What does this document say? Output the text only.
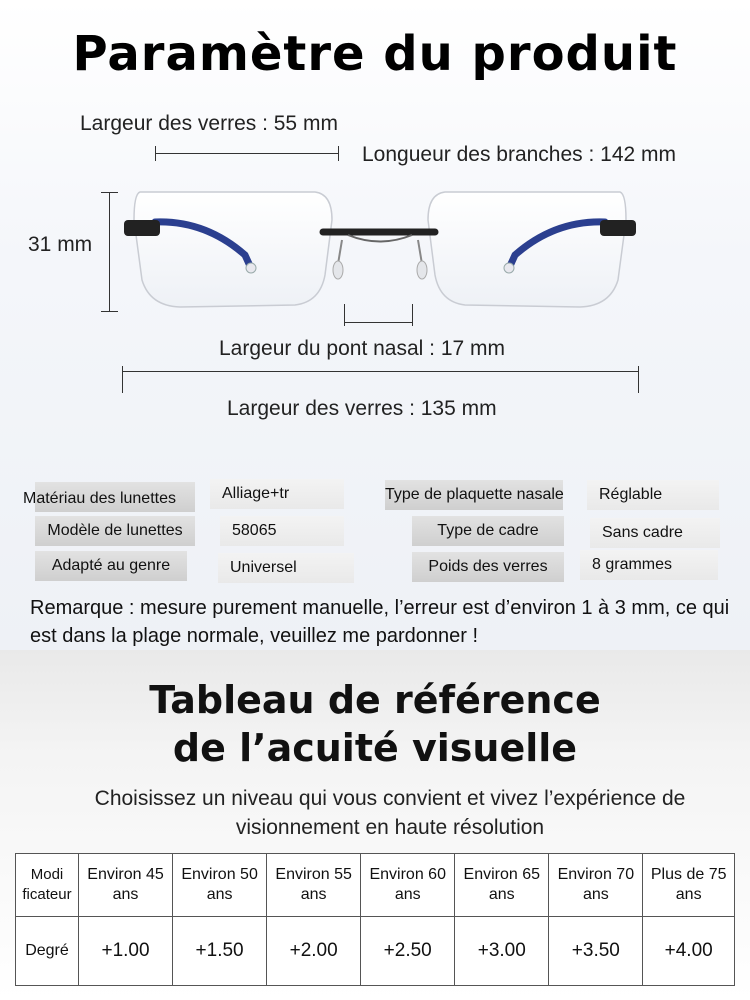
Paramètre du produit
Largeur des verres : 55 mm
Longueur des branches : 142 mm
31 mm
Largeur du pont nasal : 17 mm
Largeur des verres : 135 mm
Matériau des lunettes	Alliage+tr
Modèle de lunettes	58065
Adapté au genre	Universel
Type de plaquette nasale	Réglable
Type de cadre	Sans cadre
Poids des verres	8 grammes
Remarque : mesure purement manuelle, l’erreur est d’environ 1 à 3 mm, ce qui est dans la plage normale, veuillez me pardonner !
Tableau de référence
de l’acuité visuelle
Choisissez un niveau qui vous convient et vivez l’expérience de visionnement en haute résolution
Modi ficateur	Environ 45 ans	Environ 50 ans	Environ 55 ans	Environ 60 ans	Environ 65 ans	Environ 70 ans	Plus de 75 ans
Degré	+1.00	+1.50	+2.00	+2.50	+3.00	+3.50	+4.00
